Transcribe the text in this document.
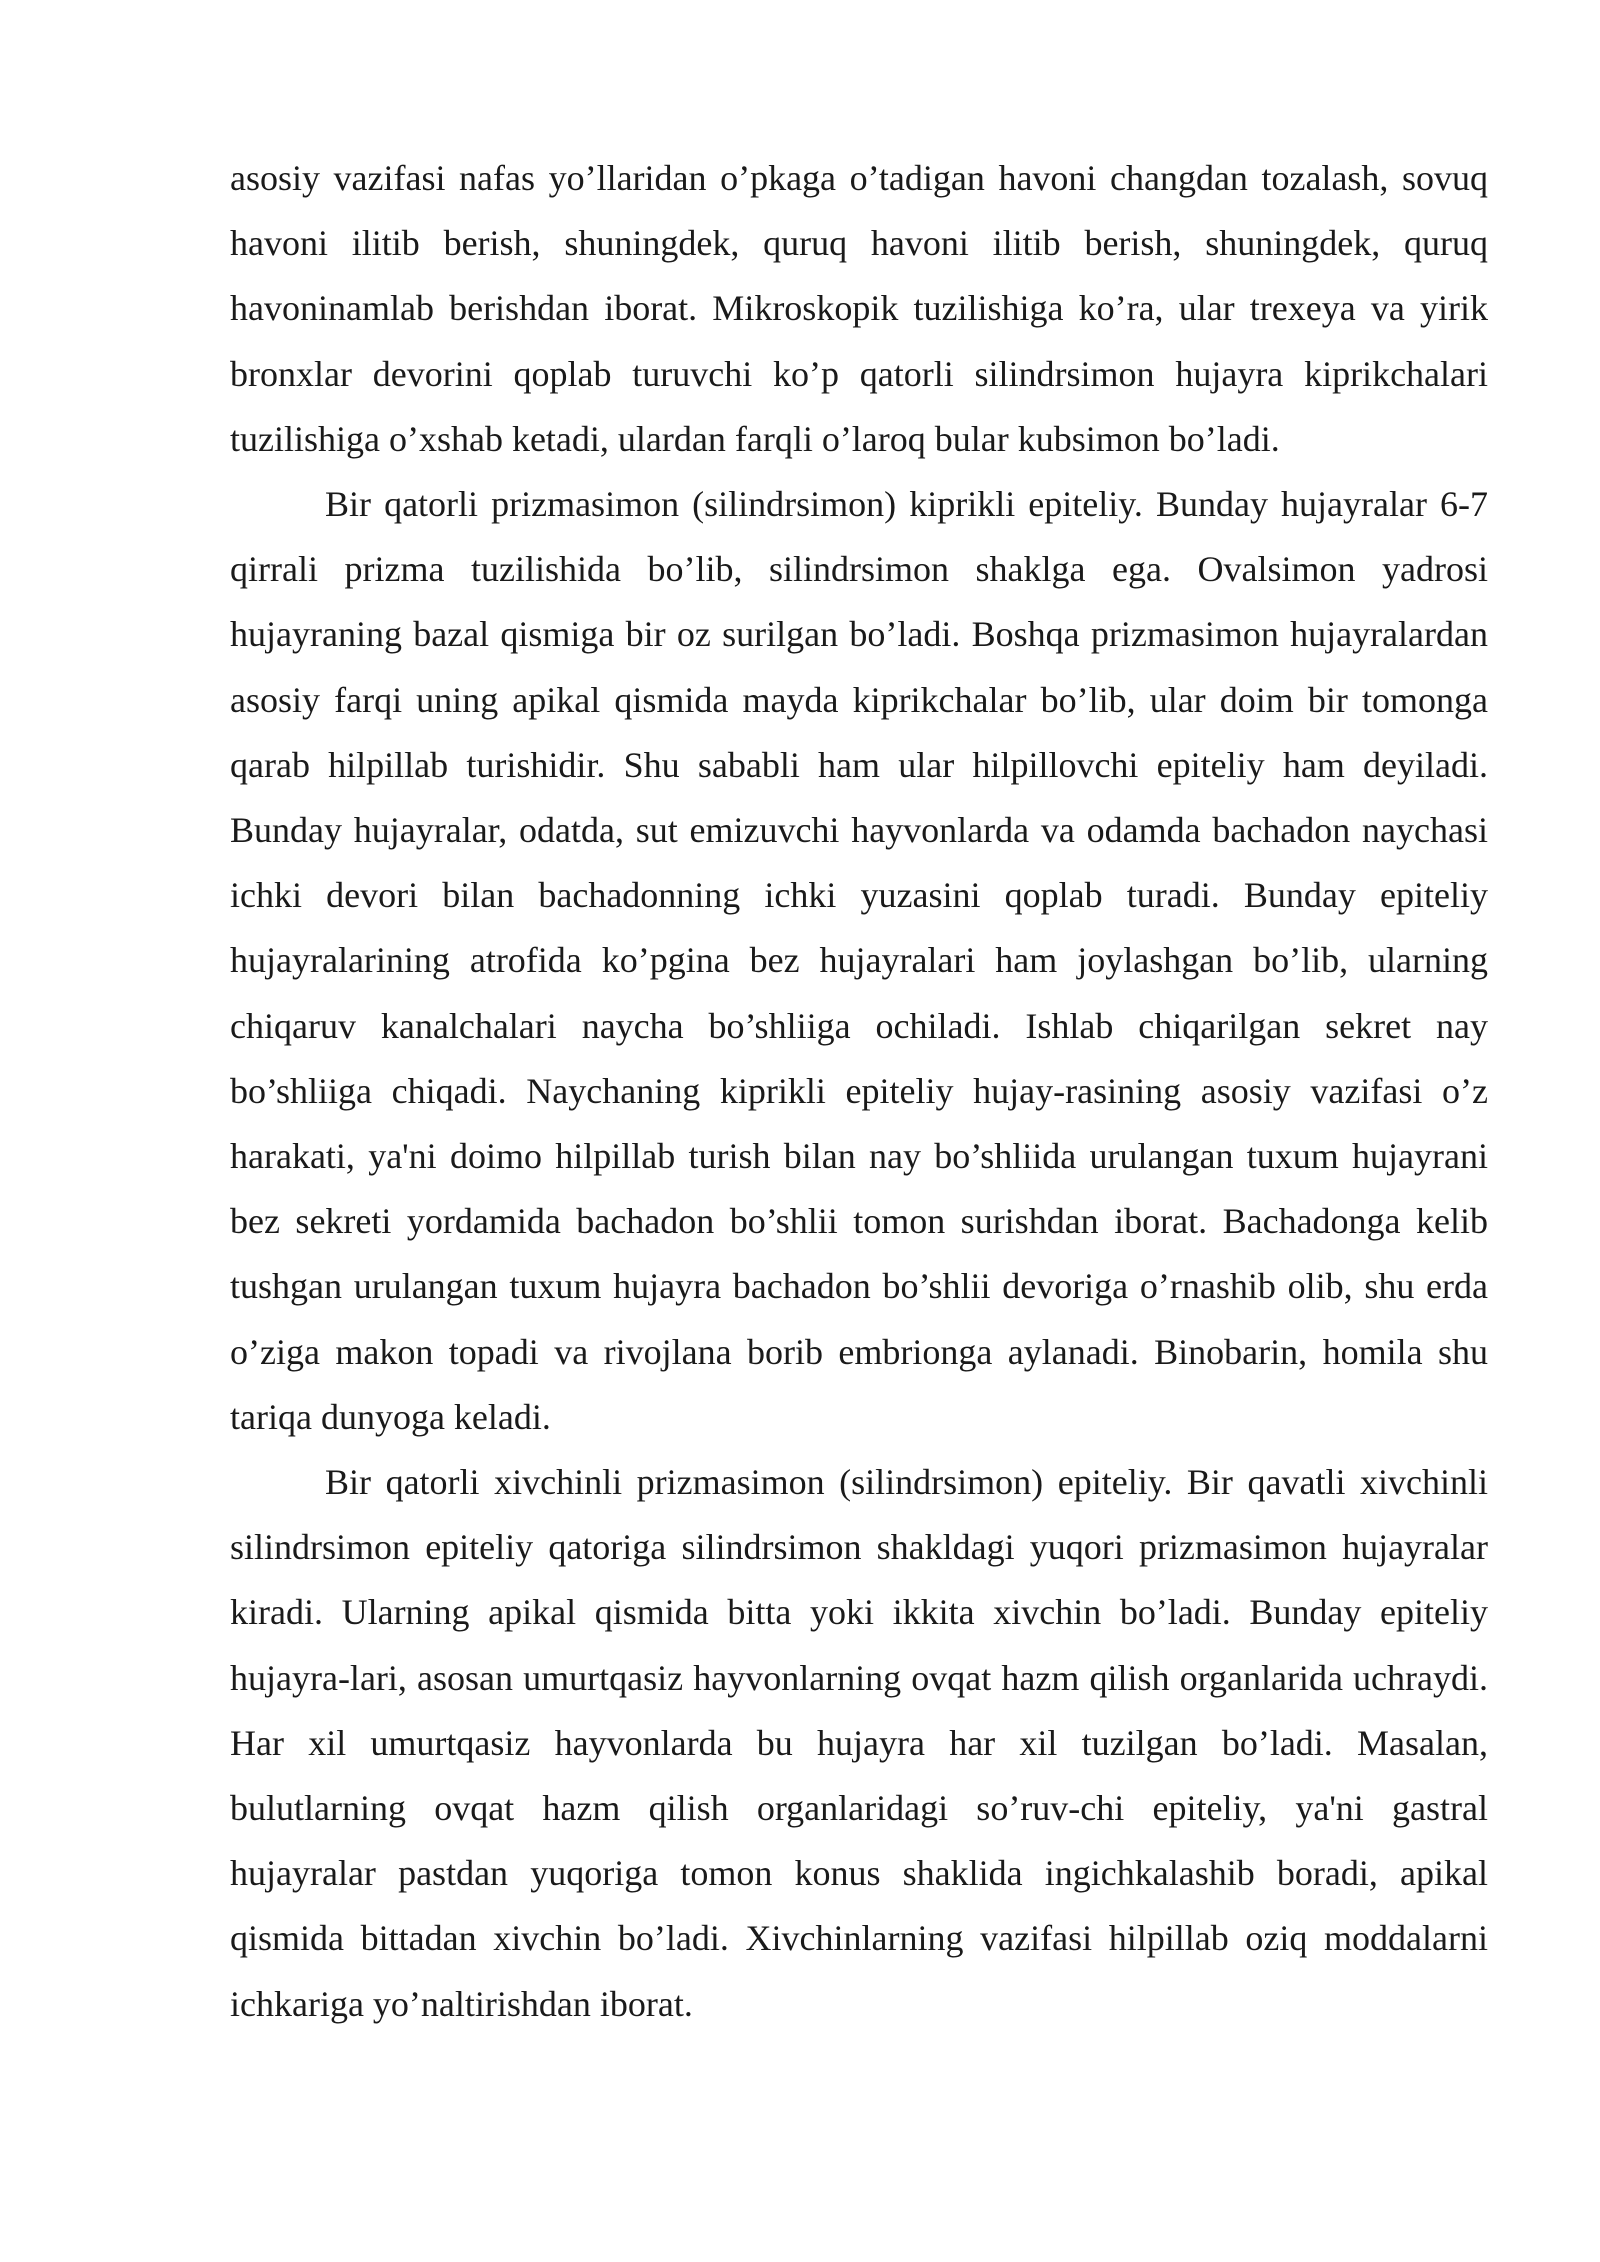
asosiy vazifasi nafas yo’llaridan o’pkaga o’tadigan havoni changdan tozalash, sovuq havoni ilitib berish, shuningdek, quruq havoni ilitib berish, shuningdek, quruq havoninamlab berishdan iborat. Mikroskopik tuzilishiga ko’ra, ular trexeya va yirik bronxlar devorini qoplab turuvchi ko’p qatorli silindrsimon hujayra kiprikchalari tuzilishiga o’xshab ketadi, ulardan farqli o’laroq bular kubsimon bo’ladi.

Bir qatorli prizmasimon (silindrsimon) kiprikli epiteliy. Bunday hujayralar 6-7 qirrali prizma tuzilishida bo’lib, silindrsimon shaklga ega. Ovalsimon yadrosi hujayraning bazal qismiga bir oz surilgan bo’ladi. Boshqa prizmasimon hujayralardan asosiy farqi uning apikal qismida mayda kiprikchalar bo’lib, ular doim bir tomonga qarab hilpillab turishidir. Shu sababli ham ular hilpillovchi epiteliy ham deyiladi. Bunday hujayralar, odatda, sut emizuvchi hayvonlarda va odamda bachadon naychasi ichki devori bilan bachadonning ichki yuzasini qoplab turadi. Bunday epiteliy hujayralarining atrofida ko’pgina bez hujayralari ham joylashgan bo’lib, ularning chiqaruv kanalchalari naycha bo’shliiga ochiladi. Ishlab chiqarilgan sekret nay bo’shliiga chiqadi. Naychaning kiprikli epiteliy hujay-rasining asosiy vazifasi o’z harakati, ya'ni doimo hilpillab turish bilan nay bo’shliida urulangan tuxum hujayrani bez sekreti yordamida bachadon bo’shlii tomon surishdan iborat. Bachadonga kelib tushgan urulangan tuxum hujayra bachadon bo’shlii devoriga o’rnashib olib, shu erda o’ziga makon topadi va rivojlana borib embrionga aylanadi. Binobarin, homila shu tariqa dunyoga keladi.

Bir qatorli xivchinli prizmasimon (silindrsimon) epiteliy. Bir qavatli xivchinli silindrsimon epiteliy qatoriga silindrsimon shakldagi yuqori prizmasimon hujayralar kiradi. Ularning apikal qismida bitta yoki ikkita xivchin bo’ladi. Bunday epiteliy hujayra-lari, asosan umurtqasiz hayvonlarning ovqat hazm qilish organlarida uchraydi. Har xil umurtqasiz hayvonlarda bu hujayra har xil tuzilgan bo’ladi. Masalan, bulutlarning ovqat hazm qilish organlaridagi so’ruv-chi epiteliy, ya'ni gastral hujayralar pastdan yuqoriga tomon konus shaklida ingichkalashib boradi, apikal qismida bittadan xivchin bo’ladi. Xivchinlarning vazifasi hilpillab oziq moddalarni ichkariga yo’naltirishdan iborat.
